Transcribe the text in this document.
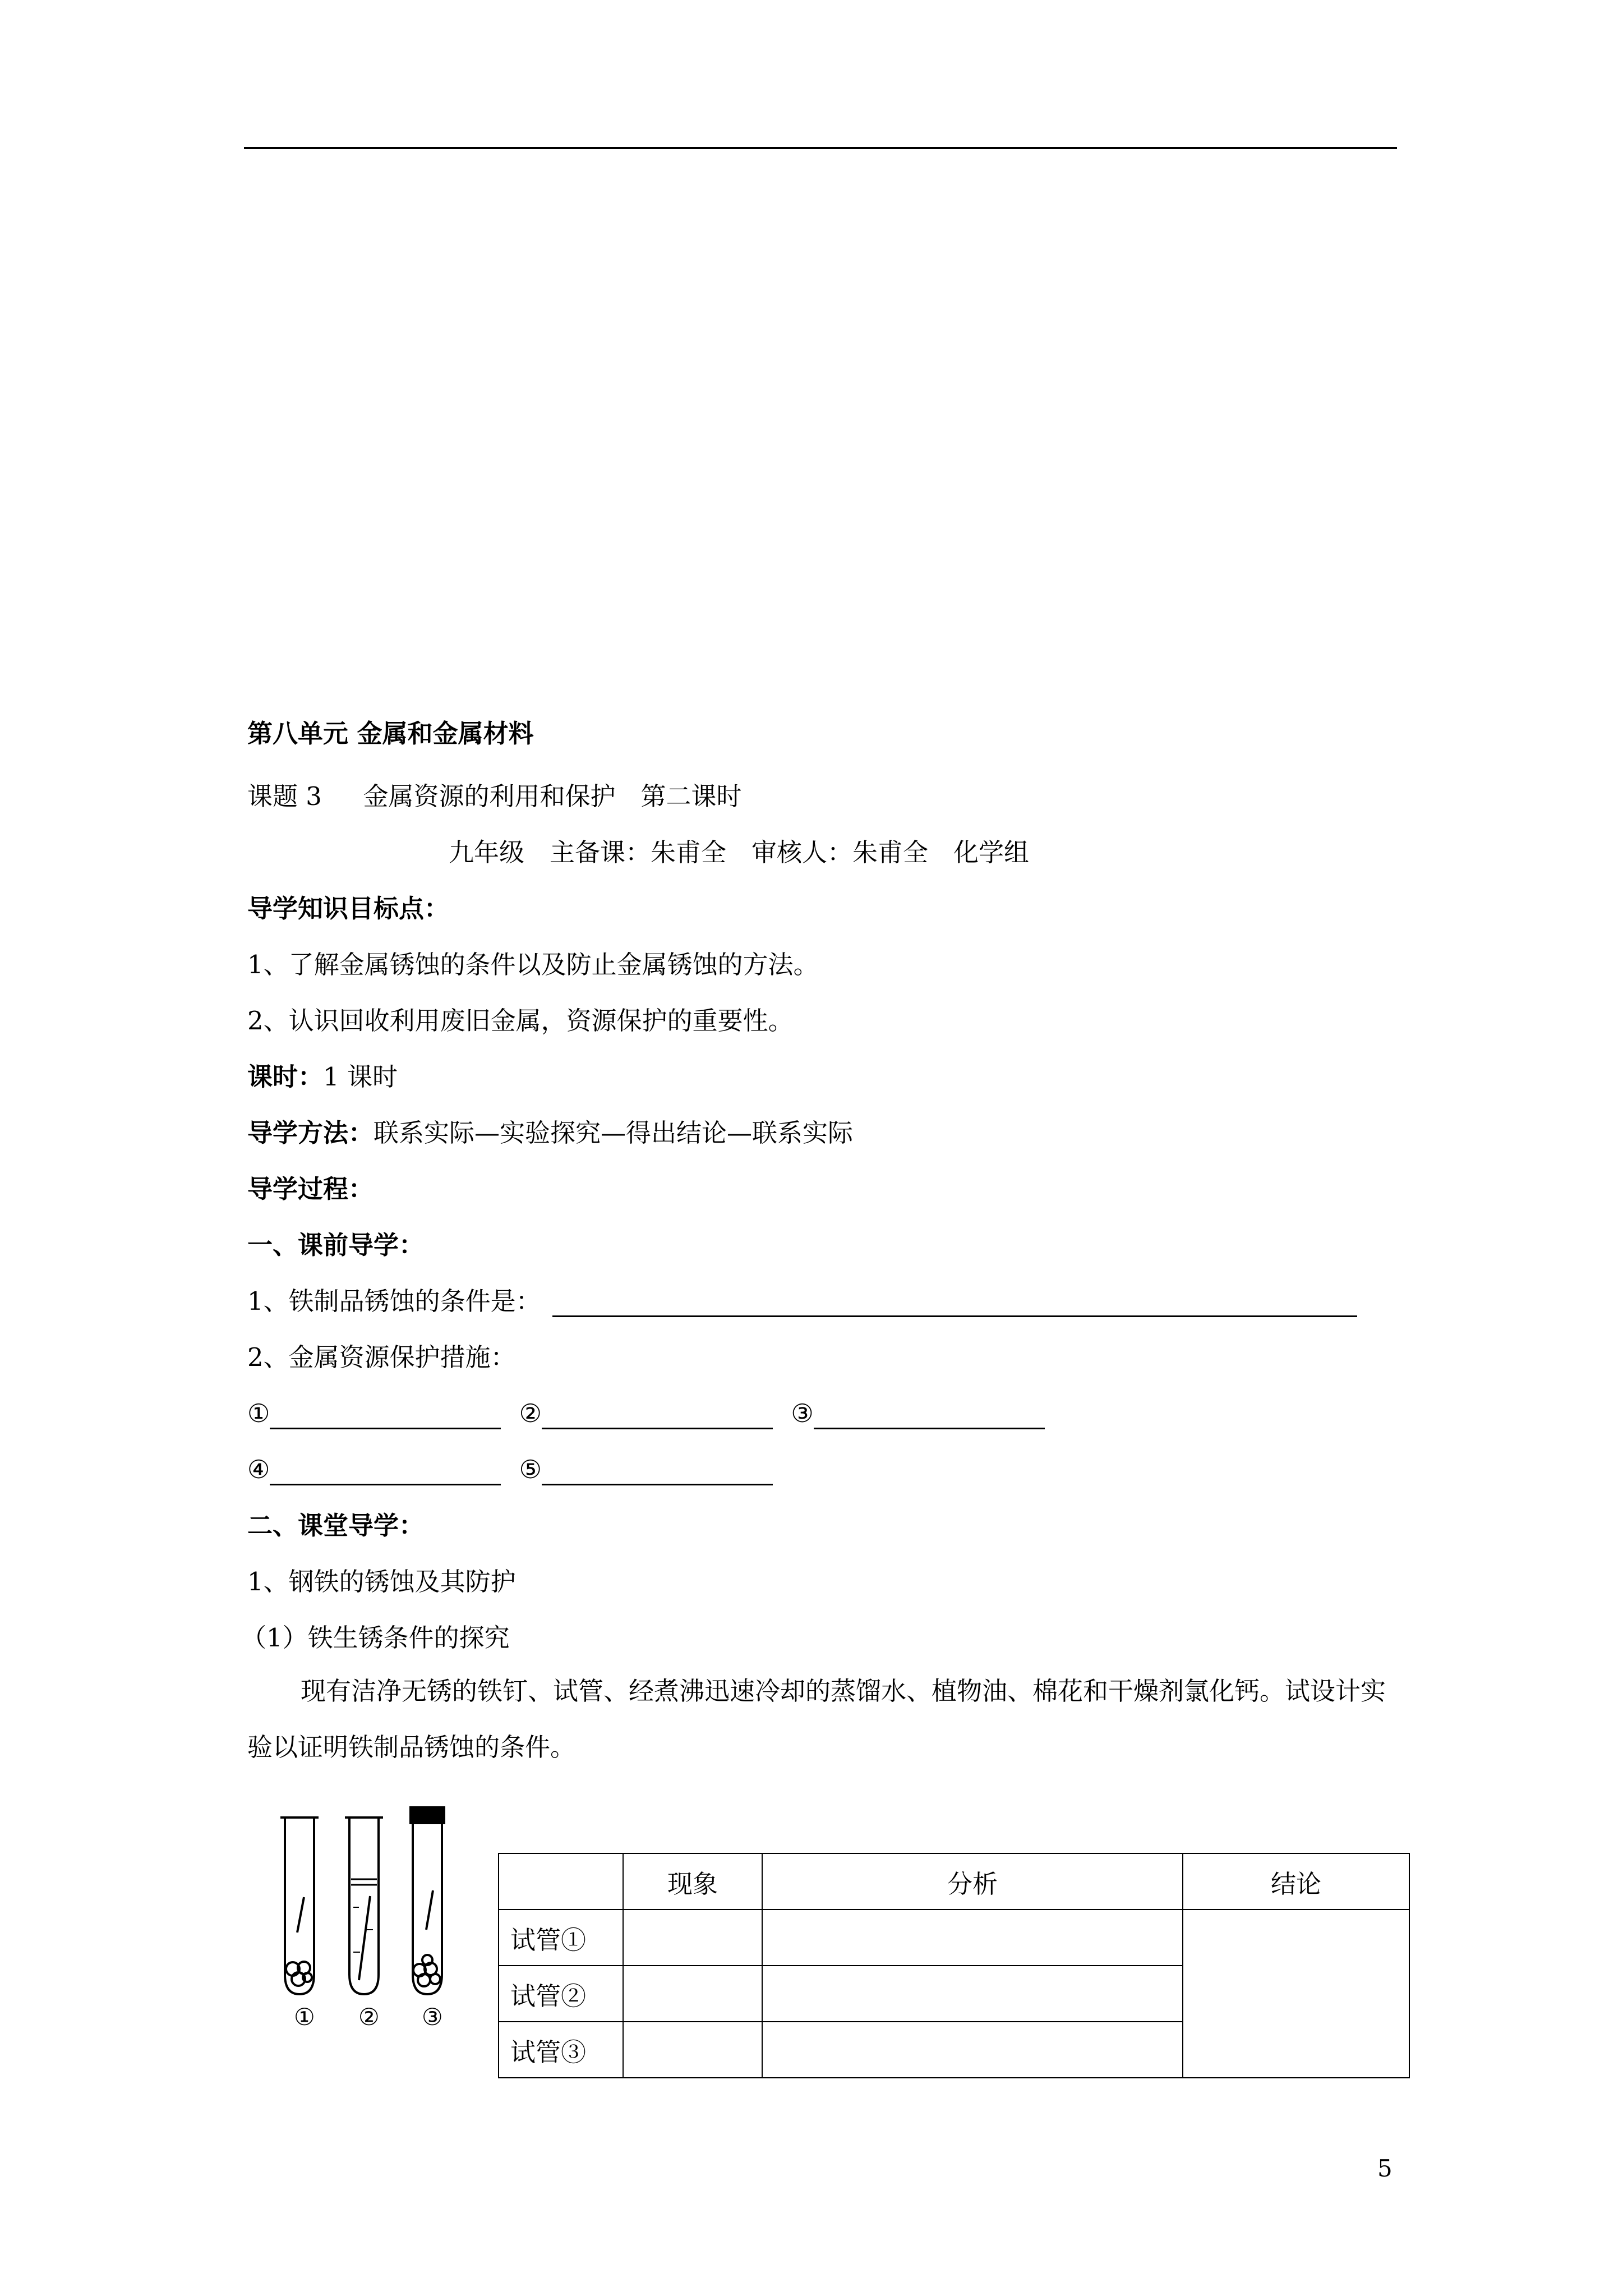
第八单元 金属和金属材料
课题 3 　 金属资源的利用和保护　第二课时
九年级　主备课：朱甫全　审核人：朱甫全　化学组
导学知识目标点：
1、了解金属锈蚀的条件以及防止金属锈蚀的方法。
2、认识回收利用废旧金属，资源保护的重要性。
课时：1 课时
导学方法：联系实际—实验探究—得出结论—联系实际
导学过程：
一、课前导学：
1、铁制品锈蚀的条件是：
2、金属资源保护措施：
①	②	③
④	⑤
二、课堂导学：
1、钢铁的锈蚀及其防护
（1）铁生锈条件的探究
现有洁净无锈的铁钉、试管、经煮沸迅速冷却的蒸馏水、植物油、棉花和干燥剂氯化钙。试设计实验以证明铁制品锈蚀的条件。
① ② ③
	现象	分析	结论
试管①			
试管②			
试管③			
5
